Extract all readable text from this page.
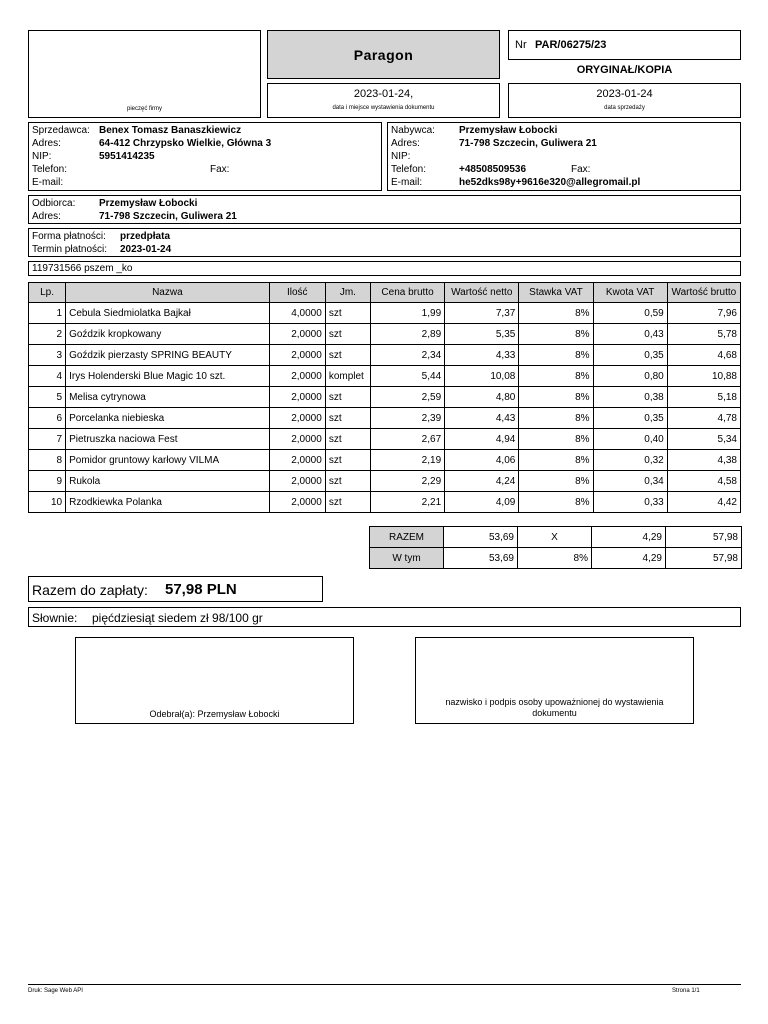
pieczęć firmy
Paragon
Nr PAR/06275/23
ORYGINAŁ/KOPIA
2023-01-24,
data i miejsce wystawienia dokumentu
2023-01-24
data sprzedaży
Sprzedawca: Benex Tomasz Banaszkiewicz
Adres:	64-412 Chrzypsko Wielkie, Główna 3
NIP:	5951414235
Telefon:	Fax:
E-mail:
Nabywca: Przemysław Łobocki
Adres:	71-798 Szczecin, Guliwera 21
NIP:
Telefon:	+48508509536	Fax:
E-mail:	he52dks98y+9616e320@allegromail.pl
Odbiorca: Przemysław Łobocki
Adres:	71-798 Szczecin, Guliwera 21
Forma płatności: przedpłata
Termin płatności: 2023-01-24
119731566 pszem _ko
Lp.	Nazwa	Ilość	Jm.	Cena brutto	Wartość netto	Stawka VAT	Kwota VAT	Wartość brutto
1	Cebula Siedmiolatka Bajkał	4,0000	szt	1,99	7,37	8%	0,59	7,96
2	Goździk kropkowany	2,0000	szt	2,89	5,35	8%	0,43	5,78
3	Goździk pierzasty SPRING BEAUTY	2,0000	szt	2,34	4,33	8%	0,35	4,68
4	Irys Holenderski Blue Magic 10 szt.	2,0000	komplet	5,44	10,08	8%	0,80	10,88
5	Melisa cytrynowa	2,0000	szt	2,59	4,80	8%	0,38	5,18
6	Porcelanka niebieska	2,0000	szt	2,39	4,43	8%	0,35	4,78
7	Pietruszka naciowa Fest	2,0000	szt	2,67	4,94	8%	0,40	5,34
8	Pomidor gruntowy karłowy VILMA	2,0000	szt	2,19	4,06	8%	0,32	4,38
9	Rukola	2,0000	szt	2,29	4,24	8%	0,34	4,58
10	Rzodkiewka Polanka	2,0000	szt	2,21	4,09	8%	0,33	4,42
RAZEM	53,69	X	4,29	57,98
W tym	53,69	8%	4,29	57,98
Razem do zapłaty: 57,98 PLN
Słownie: pięćdziesiąt siedem zł 98/100 gr
Odebrał(a): Przemysław Łobocki
nazwisko i podpis osoby upoważnionej do wystawienia dokumentu
Druk: Sage Web API	Strona 1/1
